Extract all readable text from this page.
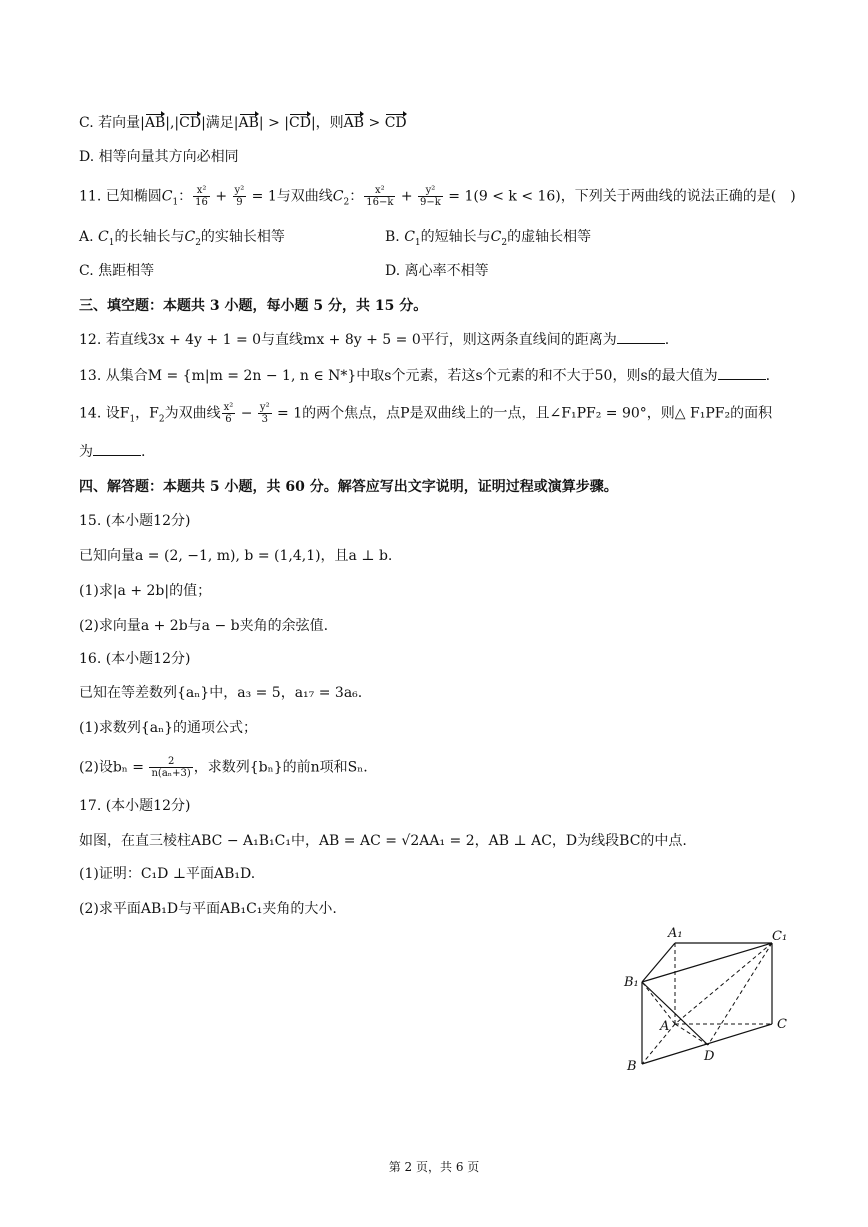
C. 若向量|AB|,|CD|满足|AB| > |CD|，则AB > CD
D. 相等向量其方向必相同
11. 已知椭圆$C_1$： $\frac{\text{x²}}{16} + \frac{\text{y²}}{9} = 1$与双曲线$C_2$： $\frac{\text{x²}}{16-k} + \frac{\text{y²}}{9-k} = 1(9 < k < 16)$，下列关于两曲线的说法正确的是(　)
A. $C_1$的长轴长与$C_2$的实轴长相等	B. $C_1$的短轴长与$C_2$的虚轴长相等
C. 焦距相等	D. 离心率不相等
三、填空题：本题共 3 小题，每小题 5 分，共 15 分。
12. 若直线3x + 4y + 1 = 0与直线mx + 8y + 5 = 0平行，则这两条直线间的距离为	.
13. 从集合M = {m|m = 2n − 1, n ∈ N*}中取s个元素，若这s个元素的和不大于50，则s的最大值为	.
14. 设$F_1$，$F_2$为双曲线 $\frac{\text{x²}}{6} - \frac{\text{y²}}{3} = 1$的两个焦点，点P是双曲线上的一点，且∠F₁PF₂ = 90°，则△ F₁PF₂的面积
为	.
四、解答题：本题共 5 小题，共 60 分。解答应写出文字说明，证明过程或演算步骤。
15. (本小题12分)
已知向量a = (2, −1, m), b = (1,4,1)，且a ⊥ b.
(1)求|a + 2b|的值；
(2)求向量a + 2b与a − b夹角的余弦值.
16. (本小题12分)
已知在等差数列{aₙ}中，a₃ = 5，a₁₇ = 3a₆.
(1)求数列{aₙ}的通项公式；
(2)设$b_n = \frac{2}{\text{n(aₙ+3)}}$ ，求数列{bₙ}的前n项和Sₙ.
17. (本小题12分)
如图，在直三棱柱ABC − A₁B₁C₁中，AB = AC = √2AA₁ = 2，AB ⊥ AC，D为线段BC的中点.
(1)证明：C₁D ⊥平面AB₁D.
(2)求平面AB₁D与平面AB₁C₁夹角的大小.
A₁	C₁
B₁
A	C
B
D
第 2 页，共 6 页
